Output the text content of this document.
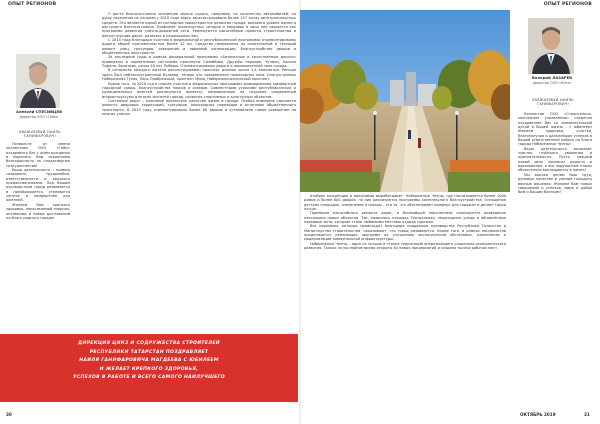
ОПЫТ РЕГИОНОВ	ОПЫТ РЕГИОНОВ
Алексей СПЕСИВЦЕВ
директор ООО «Гейм»
УВАЖАЕМЫЙ НАИЛЬ ГАНИФАРОВИЧ!

Позвольте от имени коллектива ООО «Гейм» поздравить Вас с днём рождения и выразить Вам искреннюю благодарность за плодотворное сотрудничество!

Ваша деятельность – пример созидания, трудолюбия, ответственности и высокого профессионализма. Под Вашим руководством город развивается и преображается, становится уютнее и комфортнее для жителей.

Желаем Вам крепкого здоровья, неиссякаемой энергии, оптимизма и новых достижений на благо родного города!

О росте благосостояния челнинцев можно судить, например, по количеству автомобилей: на душу населения их начиная с 2010 года здесь зарегистрировано более 157 тысяч автотранспортных средств. Это является одной из наглядных характеристик развития города, высокого уровня жизни и растущего благосостояния. Проблема транспортных заторов и парковок в часы пик решается как программа развития улично-дорожной сети. Реализуются масштабные проекты строительства и реконструкции дорог, развязок и пешеходных зон.

С 2015 года благодаря участию в федеральной и республиканской программах отремонтированы дороги общей протяжённостью более 42 км. Средства направлены на капитальный и текущий ремонт улиц, тротуаров, освещения и ливнёвой канализации, благоустройство дворов и общественных пространств.

За последние годы в рамках федеральной программы «Безопасные и качественные дороги» приведены в нормативное состояние проспекты Сююмбике, Дружбы народов, Чулман, Хасана Туфана, Вахитова, улица 40 лет Победы. Отремонтированы дороги в промышленной зоне города.

В интересах каждого жителя реконструирован проспект длиною около 1,4 километра. Раньше здесь был неблагоустроенный бульвар, теперь это современная пешеходная зона. Благоустроены Набережная Тукая, Парк Прибрежный, проспект Мира, Набережночелнинский проспект.

Кроме того, за 2020 год в планах участие в федеральных программах формирования комфортной городской среды, благоустройства парков и скверов. Совместными усилиями республиканских и муниципальных властей реализуются проекты, направленные на создание современной инфраструктуры для всех жителей города, развития спортивных и культурных объектов.

Состояние дорог – ключевой показатель качества жизни в городе. Особое внимание уделяется ремонту дворовых территорий, тротуаров, пешеходных переходов и остановок общественного транспорта. В 2019 году отремонтировано более 60 дворов и установлено новое освещение на многих улицах.

ДИРЕКЦИЯ ЦИКЗ И СОДРУЖЕСТВА СТРОИТЕЛЕЙ
РЕСПУБЛИКИ ТАТАРСТАН ПОЗДРАВЛЯЕТ
НАИЛЯ ГАНИФАРОВИЧА МАГДЕЕВА С ЮБИЛЕЕМ
И ЖЕЛАЕТ КРЕПКОГО ЗДОРОВЬЯ,
УСПЕХОВ В РАБОТЕ И ВСЕГО САМОГО НАИЛУЧШЕГО
30

отобрал концепцию и программа вырабатывает. Набережные Челны, где насчитывается более 1000 домов и более 600 дворов, на них реализуются программы комплексного благоустройства. Оснащение детских площадок, озеленение и скверы – это то, что обеспечивает комфорт для горожан и делает город лучше.

Примером масштабного ремонта дорог, в ближайшей перспективе планируется возведение нескольких новых объектов. Так, появилась площадь Театральная, пешеходные улицы и обновлённые парковые зоны, которые стали любимыми местами отдыха горожан.

Все перемены, которые происходят благодаря поддержке руководства Республики Татарстан и Министерства строительства, показывают, что город развивается. Кроме того, в рамках нацпроектов продолжается реализация программ по улучшению экологической обстановки, озеленению и модернизации коммунальной инфраструктуры.

Набережные Челны – один из лучших в стране территорий опережающего социально-экономического развития. Только за последние время открыто 40 новых предприятий и создано тысячи рабочих мест.

Валерий ЛАЗАРЕВ
директор ООО «Ител»
УВАЖАЕМЫЙ НАИЛЬ ГАНИФАРОВИЧ!

Коллектив ООО «Строительно-монтажное управление» сердечно поздравляет Вас со знаменательной датой в Вашей жизни – с юбилеем! Желаем здоровья, счастья, благополучия и дальнейших успехов в Вашей ответственной работе на благо города Набережные Челны!

Ваша деятельность вызывает чувство глубокого уважения и признательности. Пусть каждый новый день приносит радость и вдохновение, а все задуманные планы обязательно воплощаются в жизнь!

Мы высоко ценим Ваш труд, деловые качества и умение находить верные решения. Желаем Вам новых свершений и успехов, мира и добра Вам и Вашим близким!

ОКТЯБРЬ 2019	31
